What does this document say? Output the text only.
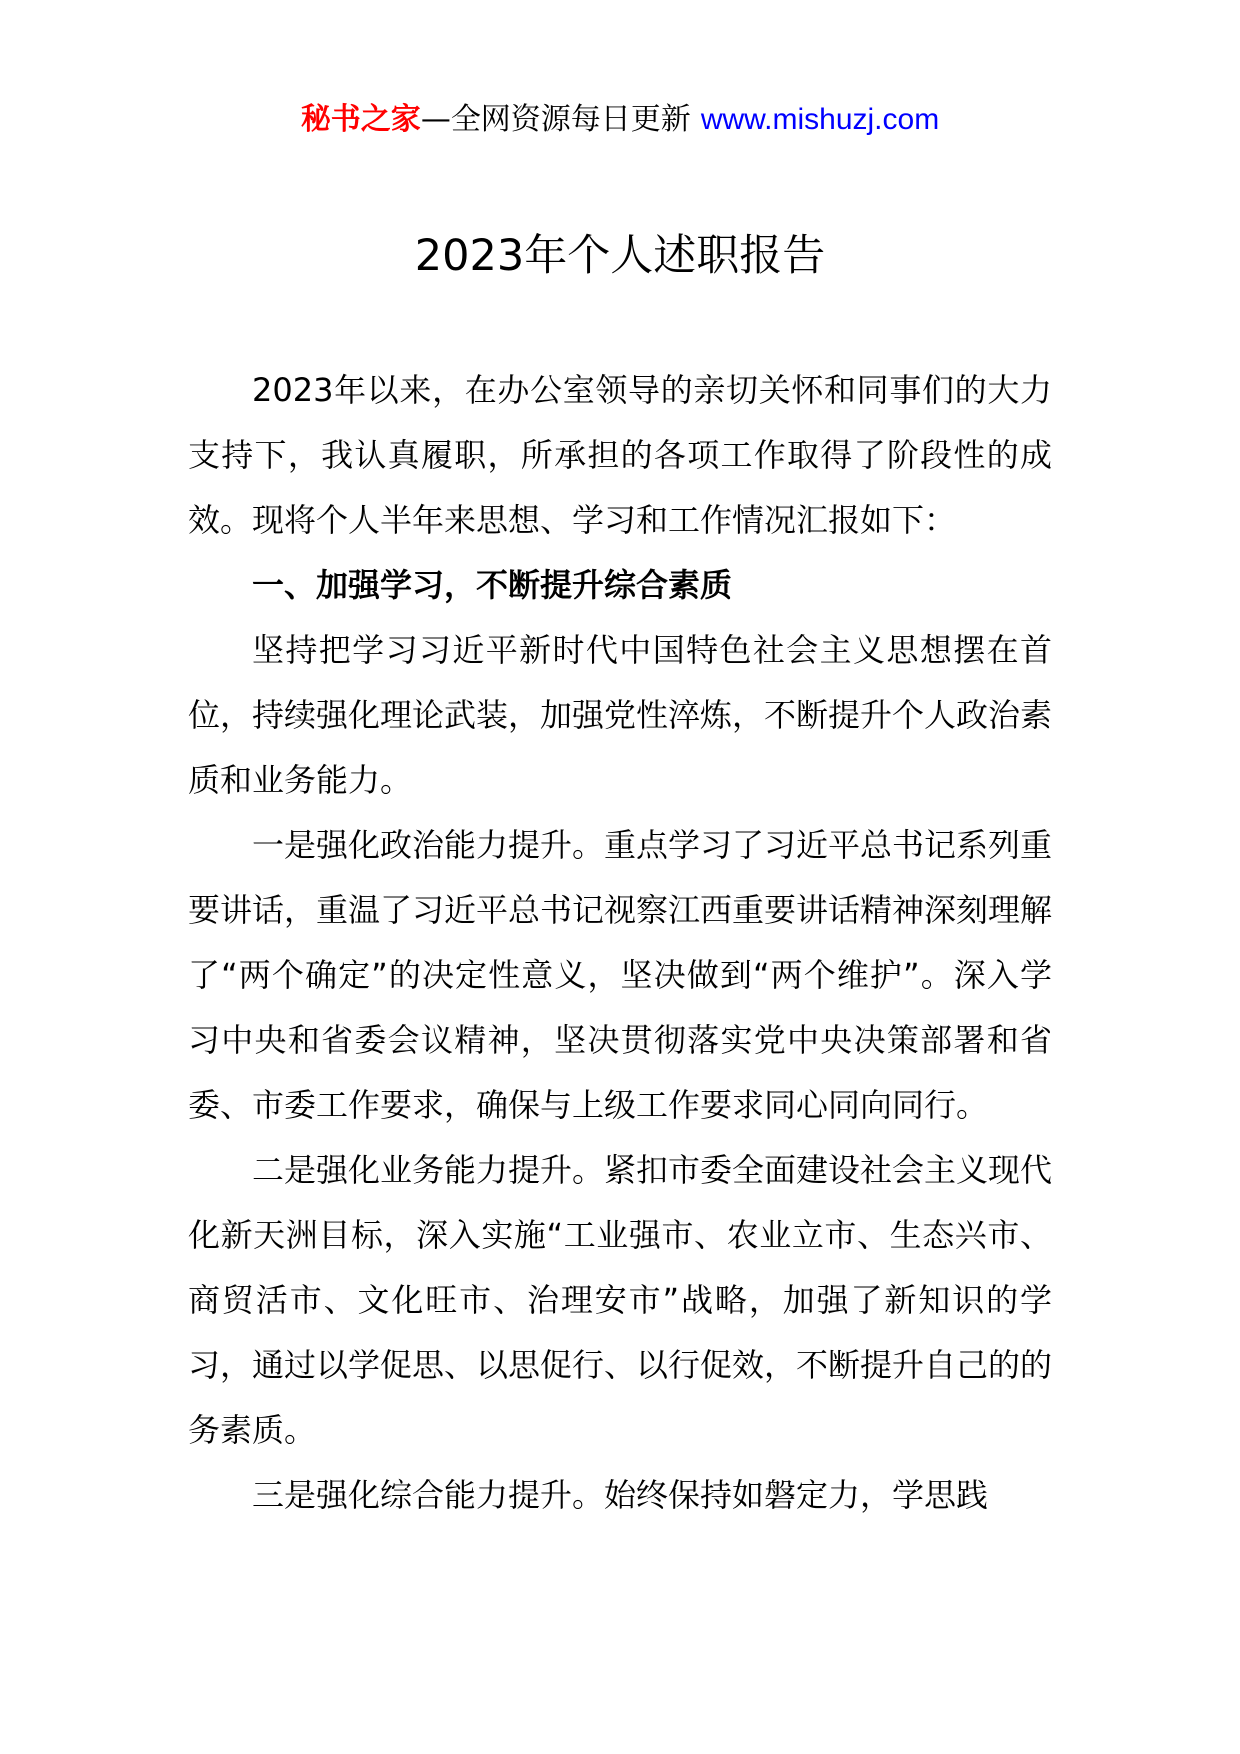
秘书之家—全网资源每日更新 www.mishuzj.com
2023年个人述职报告

2023年以来，在办公室领导的亲切关怀和同事们的大力支持下，我认真履职，所承担的各项工作取得了阶段性的成效。现将个人半年来思想、学习和工作情况汇报如下：

一、加强学习，不断提升综合素质

坚持把学习习近平新时代中国特色社会主义思想摆在首位，持续强化理论武装，加强党性淬炼，不断提升个人政治素质和业务能力。

一是强化政治能力提升。重点学习了习近平总书记系列重要讲话，重温了习近平总书记视察江西重要讲话精神深刻理解了“两个确定”的决定性意义，坚决做到“两个维护”。深入学习中央和省委会议精神，坚决贯彻落实党中央决策部署和省委、市委工作要求，确保与上级工作要求同心同向同行。

二是强化业务能力提升。紧扣市委全面建设社会主义现代化新天洲目标，深入实施“工业强市、农业立市、生态兴市、商贸活市、文化旺市、治理安市”战略，加强了新知识的学习，通过以学促思、以思促行、以行促效，不断提升自己的的务素质。

三是强化综合能力提升。始终保持如磐定力，学思践
